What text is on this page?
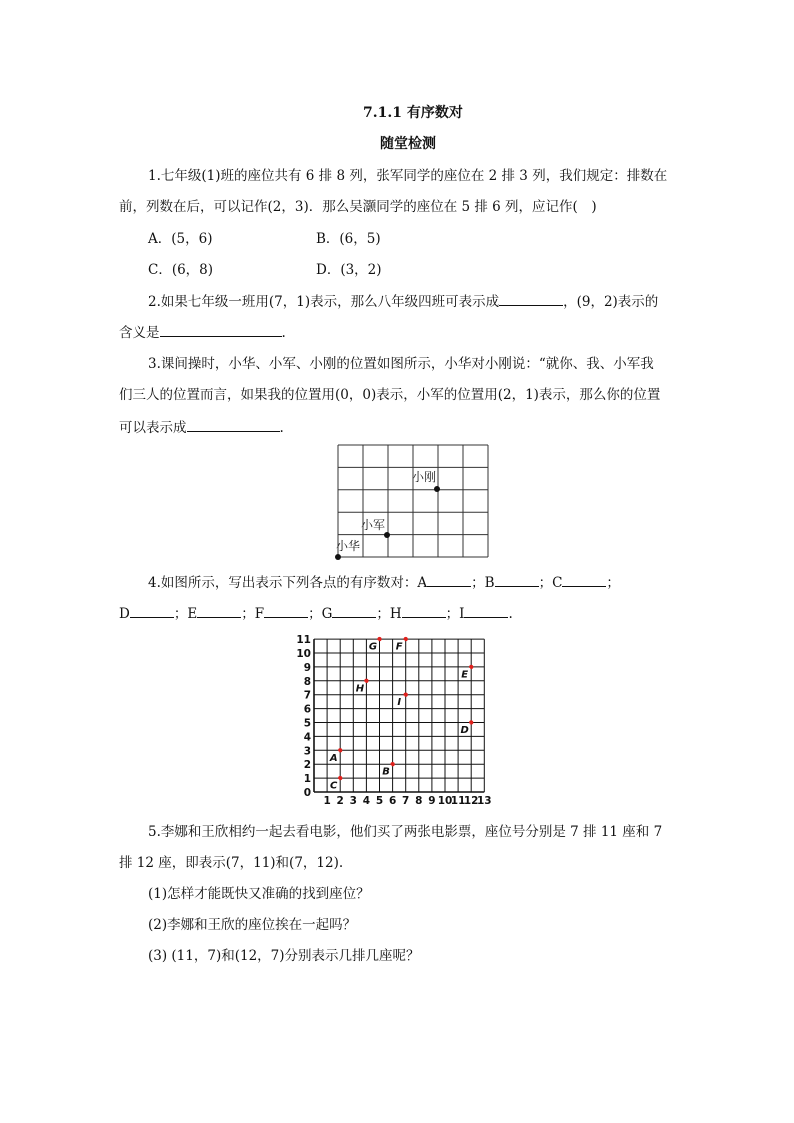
7.1.1 有序数对
随堂检测
1.七年级(1)班的座位共有 6 排 8 列，张军同学的座位在 2 排 3 列，我们规定：排数在
前，列数在后，可以记作(2，3)．那么吴灏同学的座位在 5 排 6 列，应记作(　)
A．(5，6)	B．(6，5)
C．(6，8)	D．(3，2)
2.如果七年级一班用(7，1)表示，那么八年级四班可表示成	，(9，2)表示的
含义是	.
3.课间操时，小华、小军、小刚的位置如图所示，小华对小刚说：“就你、我、小军我
们三人的位置而言，如果我的位置用(0，0)表示，小军的位置用(2，1)表示，那么你的位置
可以表示成	.
小华
小军
小刚
4.如图所示，写出表示下列各点的有序数对：A	；B	；C	；
D	；E	；F	；G	；H	；I	.
1 2 3 4 5 6 7 8 9 10
11
12
13
0
1
2
3
4
5
6
7
8
9
10
11
A
B
C
D
E
F
G
H
I
5.李娜和王欣相约一起去看电影，他们买了两张电影票，座位号分别是 7 排 11 座和 7
排 12 座，即表示(7，11)和(7，12).
(1)怎样才能既快又准确的找到座位？
(2)李娜和王欣的座位挨在一起吗？
(3) (11，7)和(12，7)分别表示几排几座呢？
